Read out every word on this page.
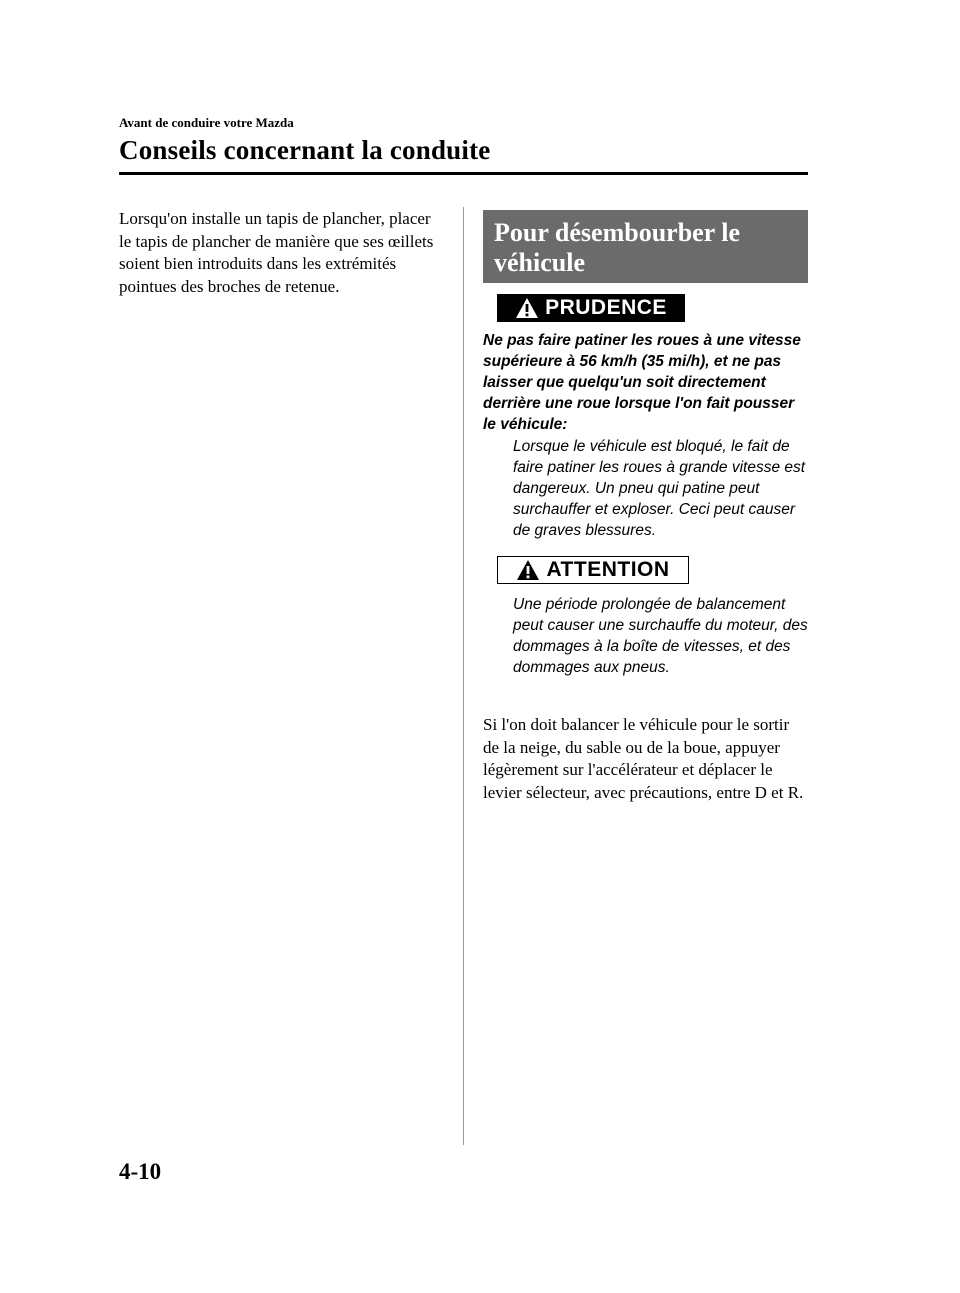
Avant de conduire votre Mazda
Conseils concernant la conduite
Lorsqu'on installe un tapis de plancher, placer le tapis de plancher de manière que ses œillets soient bien introduits dans les extrémités pointues des broches de retenue.
Pour désembourber le véhicule
PRUDENCE
Ne pas faire patiner les roues à une vitesse supérieure à 56 km/h (35 mi/h), et ne pas laisser que quelqu'un soit directement derrière une roue lorsque l'on fait pousser le véhicule:
Lorsque le véhicule est bloqué, le fait de faire patiner les roues à grande vitesse est dangereux. Un pneu qui patine peut surchauffer et exploser. Ceci peut causer de graves blessures.
ATTENTION
Une période prolongée de balancement peut causer une surchauffe du moteur, des dommages à la boîte de vitesses, et des dommages aux pneus.
Si l'on doit balancer le véhicule pour le sortir de la neige, du sable ou de la boue, appuyer légèrement sur l'accélérateur et déplacer le levier sélecteur, avec précautions, entre D et R.
4-10
